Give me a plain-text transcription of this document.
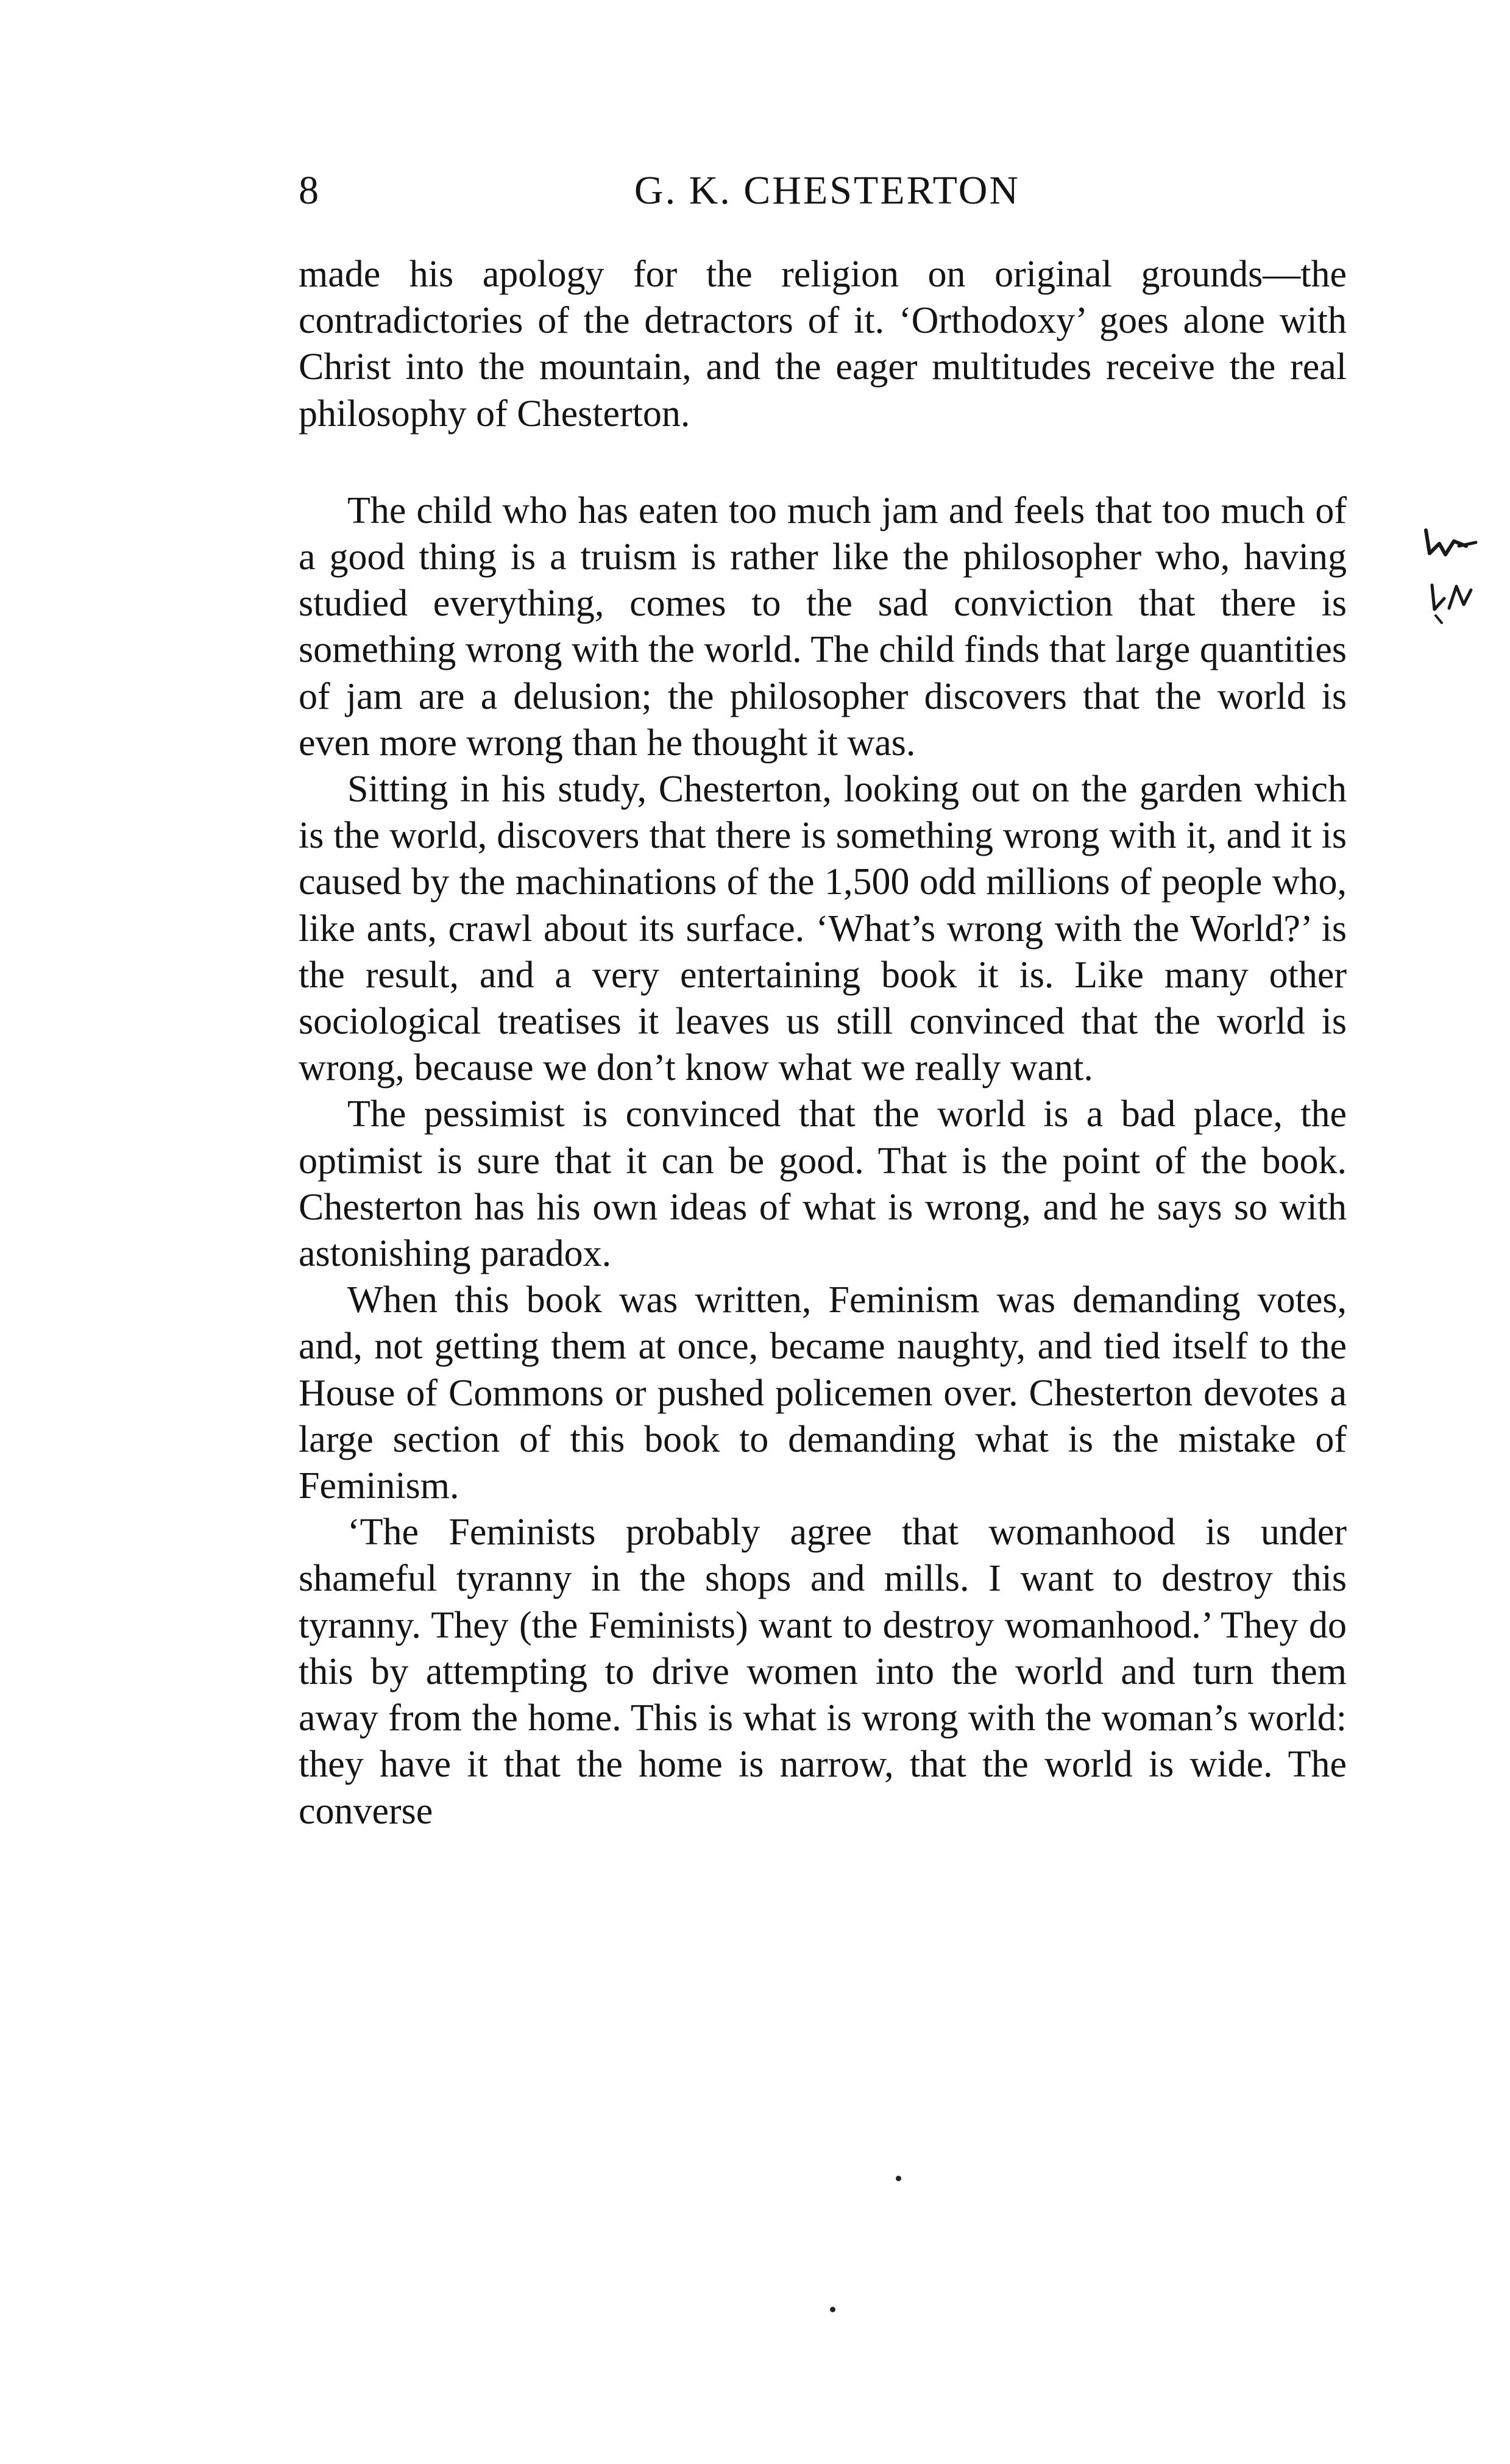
8	G. K. CHESTERTON

made his apology for the religion on original grounds—the contradictories of the detractors of it. ‘Orthodoxy’ goes alone with Christ into the mountain, and the eager multitudes receive the real philosophy of Chesterton.

The child who has eaten too much jam and feels that too much of a good thing is a truism is rather like the philosopher who, having studied everything, comes to the sad conviction that there is something wrong with the world. The child finds that large quantities of jam are a delusion; the philosopher discovers that the world is even more wrong than he thought it was.

Sitting in his study, Chesterton, looking out on the garden which is the world, discovers that there is something wrong with it, and it is caused by the machinations of the 1,500 odd millions of people who, like ants, crawl about its surface. ‘What’s wrong with the World?’ is the result, and a very entertaining book it is. Like many other sociological treatises it leaves us still convinced that the world is wrong, because we don’t know what we really want.

The pessimist is convinced that the world is a bad place, the optimist is sure that it can be good. That is the point of the book. Chesterton has his own ideas of what is wrong, and he says so with astonishing paradox.

When this book was written, Feminism was demanding votes, and, not getting them at once, became naughty, and tied itself to the House of Commons or pushed policemen over. Chesterton devotes a large section of this book to demanding what is the mistake of Feminism.

‘The Feminists probably agree that womanhood is under shameful tyranny in the shops and mills. I want to destroy this tyranny. They (the Feminists) want to destroy womanhood.’ They do this by attempting to drive women into the world and turn them away from the home. This is what is wrong with the woman’s world: they have it that the home is narrow, that the world is wide. The converse
